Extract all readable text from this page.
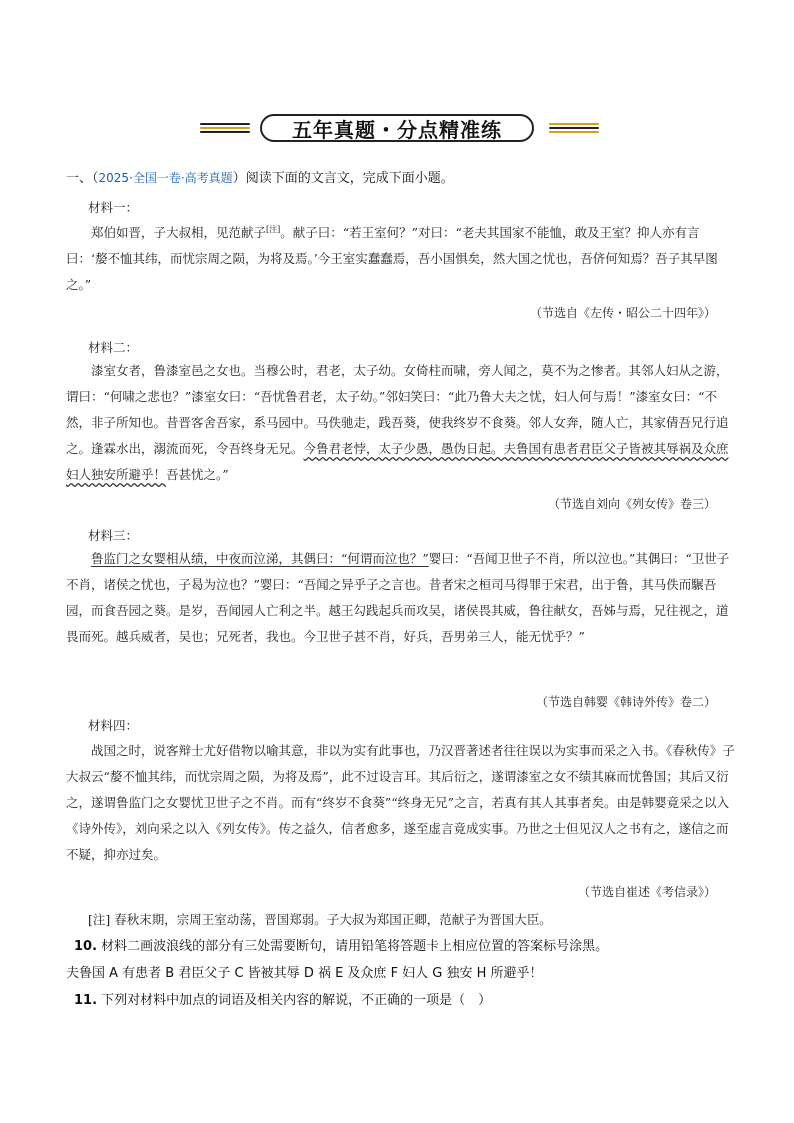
五年真题・分点精准练
一、（2025·全国一卷·高考真题）阅读下面的文言文，完成下面小题。
材料一：
郑伯如晋，子大叔相，见范献子[注]。献子曰：“若王室何？”对曰：“老夫其国家不能恤，敢及王室？抑人亦有言曰：‘嫠不恤其纬，而忧宗周之陨，为将及焉。’今王室实蠢蠢焉，吾小国惧矣，然大国之忧也，吾侪何知焉？吾子其早图之。”
（节选自《左传・昭公二十四年》）
材料二：
漆室女者，鲁漆室邑之女也。当穆公时，君老，太子幼。女倚柱而啸，旁人闻之，莫不为之惨者。其邻人妇从之游，谓曰：“何啸之悲也？”漆室女曰：“吾忧鲁君老，太子幼。”邻妇笑曰：“此乃鲁大夫之忧，妇人何与焉！”漆室女曰：“不然，非子所知也。昔晋客舍吾家，系马园中。马佚驰走，践吾葵，使我终岁不食葵。邻人女奔，随人亡，其家倩吾兄行追之。逢霖水出，溺流而死，令吾终身无兄。今鲁君老悖，太子少愚，愚伪日起。夫鲁国有患者君臣父子皆被其辱祸及众庶妇人独安所避乎！吾甚忧之。”
（节选自刘向《列女传》卷三）
材料三：
鲁监门之女婴相从绩，中夜而泣涕，其偶曰：“何谓而泣也？”婴曰：“吾闻卫世子不肖，所以泣也。”其偶曰：“卫世子不肖，诸侯之忧也，子曷为泣也？”婴曰：“吾闻之异乎子之言也。昔者宋之桓司马得罪于宋君，出于鲁，其马佚而𩥇吾园，而食吾园之葵。是岁，吾闻园人亡利之半。越王勾践起兵而攻吴，诸侯畏其威，鲁往献女，吾姊与焉，兄往视之，道畏而死。越兵威者，吴也；兄死者，我也。今卫世子甚不肖，好兵，吾男弟三人，能无忧乎？”
（节选自韩婴《韩诗外传》卷二）
材料四：
战国之时，说客辩士尤好借物以喻其意，非以为实有此事也，乃汉晋著述者往往误以为实事而采之入书。《春秋传》子大叔云“嫠不恤其纬，而忧宗周之陨，为将及焉”，此不过设言耳。其后衍之，遂谓漆室之女不绩其麻而忧鲁国；其后又衍之，遂谓鲁监门之女婴忧卫世子之不肖。而有“终岁不食葵”“终身无兄”之言，若真有其人其事者矣。由是韩婴竟采之以入《诗外传》，刘向采之以入《列女传》。传之益久，信者愈多，遂至虚言竟成实事。乃世之士但见汉人之书有之，遂信之而不疑，抑亦过矣。
（节选自崔述《考信录》）
[注] 春秋末期，宗周王室动荡，晋国郑弱。子大叔为郑国正卿，范献子为晋国大臣。
10. 材料二画波浪线的部分有三处需要断句，请用铅笔将答题卡上相应位置的答案标号涂黑。
夫鲁国 A 有患者 B 君臣父子 C 皆被其辱 D 祸 E 及众庶 F 妇人 G 独安 H 所避乎！
11. 下列对材料中加点的词语及相关内容的解说，不正确的一项是（　）
